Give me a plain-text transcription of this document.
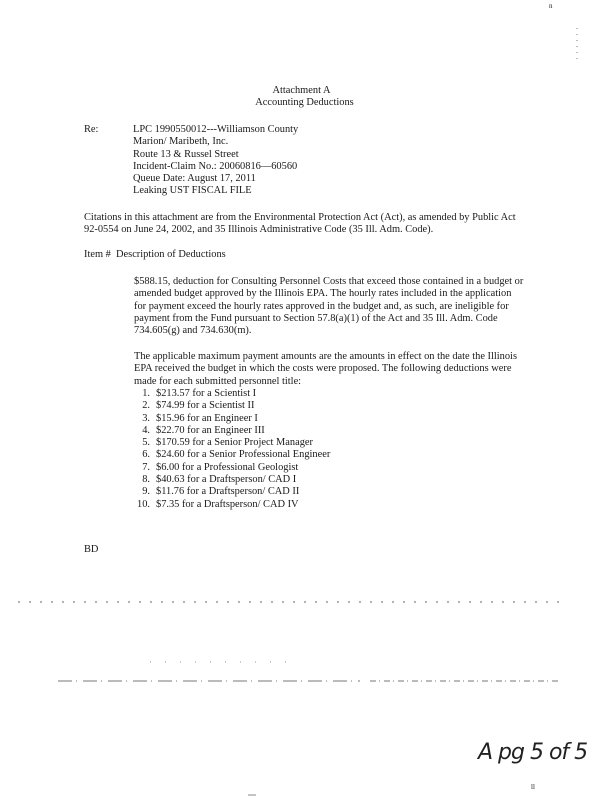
n
Attachment A
Accounting Deductions
Re:	LPC 1990550012---Williamson County
Marion/ Maribeth, Inc.
Route 13 & Russel Street
Incident-Claim No.: 20060816—60560
Queue Date: August 17, 2011
Leaking UST FISCAL FILE
Citations in this attachment are from the Environmental Protection Act (Act), as amended by Public Act 92-0554 on June 24, 2002, and 35 Illinois Administrative Code (35 Ill. Adm. Code).
Item #  Description of Deductions
$588.15, deduction for Consulting Personnel Costs that exceed those contained in a budget or amended budget approved by the Illinois EPA. The hourly rates included in the application for payment exceed the hourly rates approved in the budget and, as such, are ineligible for payment from the Fund pursuant to Section 57.8(a)(1) of the Act and 35 Ill. Adm. Code 734.605(g) and 734.630(m).
The applicable maximum payment amounts are the amounts in effect on the date the Illinois EPA received the budget in which the costs were proposed. The following deductions were made for each submitted personnel title:
1. $213.57 for a Scientist I
2. $74.99 for a Scientist II
3. $15.96 for an Engineer I
4. $22.70 for an Engineer III
5. $170.59 for a Senior Project Manager
6. $24.60 for a Senior Professional Engineer
7. $6.00 for a Professional Geologist
8. $40.63 for a Draftsperson/ CAD I
9. $11.76 for a Draftsperson/ CAD II
10. $7.35 for a Draftsperson/ CAD IV
BD
A pg 5 of 5
ll
